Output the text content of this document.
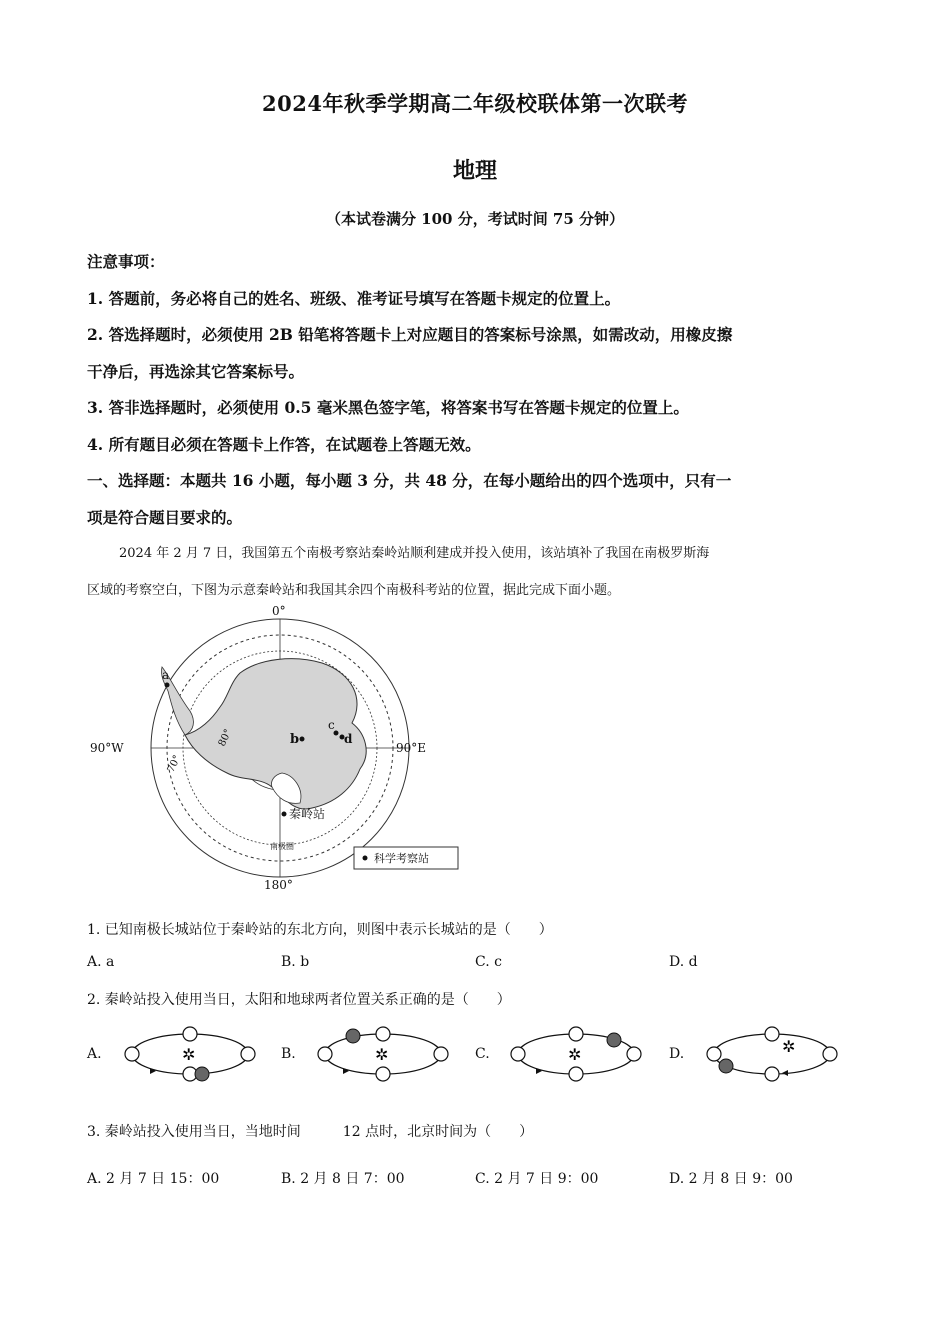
2024年秋季学期高二年级校联体第一次联考
地理
（本试卷满分 100 分，考试时间 75 分钟）

注意事项：

1. 答题前，务必将自己的姓名、班级、准考证号填写在答题卡规定的位置上。

2. 答选择题时，必须使用 2B 铅笔将答题卡上对应题目的答案标号涂黑，如需改动，用橡皮擦

干净后，再选涂其它答案标号。

3. 答非选择题时，必须使用 0.5 毫米黑色签字笔，将答案书写在答题卡规定的位置上。

4. 所有题目必须在答题卡上作答，在试题卷上答题无效。

一、选择题：本题共 16 小题，每小题 3 分，共 48 分，在每小题给出的四个选项中，只有一

项是符合题目要求的。

2024 年 2 月 7 日，我国第五个南极考察站秦岭站顺利建成并投入使用，该站填补了我国在南极罗斯海

区域的考察空白，下图为示意秦岭站和我国其余四个南极科考站的位置，据此完成下面小题。
0°
180°
90°W	90°E
80°
70°
南极圈
a
b
c
d
秦岭站
科学考察站
1. 已知南极长城站位于秦岭站的东北方向，则图中表示长城站的是（　　）
A. a	B. b	C. c	D. d
2. 秦岭站投入使用当日，太阳和地球两者位置关系正确的是（　　）
A.	✲	B.	✲	C.	✲	D.	✲
3. 秦岭站投入使用当日，当地时间　　　12 点时，北京时间为（　　）
A. 2 月 7 日 15：00	B. 2 月 8 日 7：00	C. 2 月 7 日 9：00	D. 2 月 8 日 9：00
